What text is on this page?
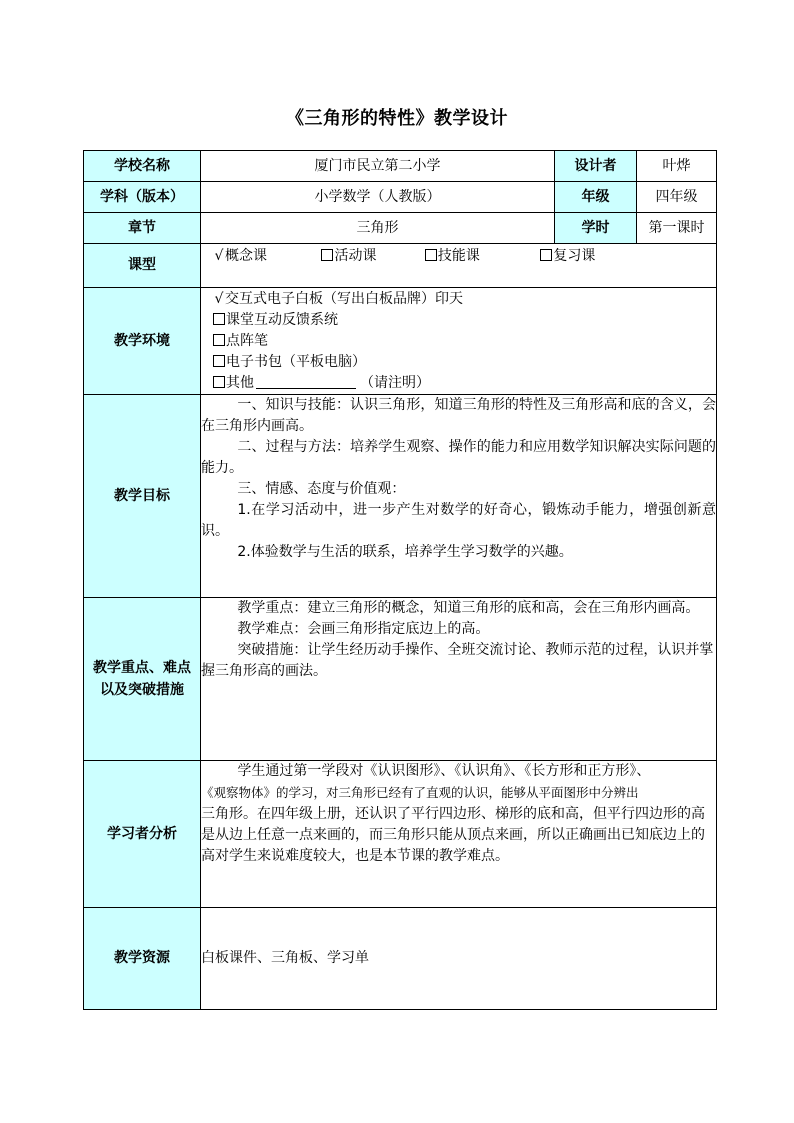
《三角形的特性》教学设计
学校名称	厦门市民立第二小学	设计者	叶烨
学科（版本）	小学数学（人教版）	年级	四年级
章节	三角形	学时	第一课时
课型	√ 概念课 活动课 技能课 复习课		

教学环境	√ 交互式电子白板（写出白板品牌）印天
课堂互动反馈系统
点阵笔
电子书包（平板电脑）
其他 （请注明）		

教学目标	一、知识与技能：认识三角形，知道三角形的特性及三角形高和底的含义，会在三角形内画高。

二、过程与方法：培养学生观察、操作的能力和应用数学知识解决实际问题的能力。

三、情感、态度与价值观：

1.在学习活动中，进一步产生对数学的好奇心，锻炼动手能力，增强创新意识。

2.体验数学与生活的联系，培养学生学习数学的兴趣。		

教学重点、难点以及突破措施	教学重点：建立三角形的概念，知道三角形的底和高，会在三角形内画高。

教学难点：会画三角形指定底边上的高。

突破措施：让学生经历动手操作、全班交流讨论、教师示范的过程，认识并掌握三角形高的画法。		

学习者分析	学生通过第一学段对《认识图形》、《认识角》、《长方形和正方形》、
《观察物体》的学习，对三角形已经有了直观的认识，能够从平面图形中分辨出
三角形。在四年级上册，还认识了平行四边形、梯形的底和高，但平行四边形的高是从边上任意一点来画的，而三角形只能从顶点来画，所以正确画出已知底边上的高对学生来说难度较大，也是本节课的教学难点。		

教学资源	白板课件、三角板、学习单		
